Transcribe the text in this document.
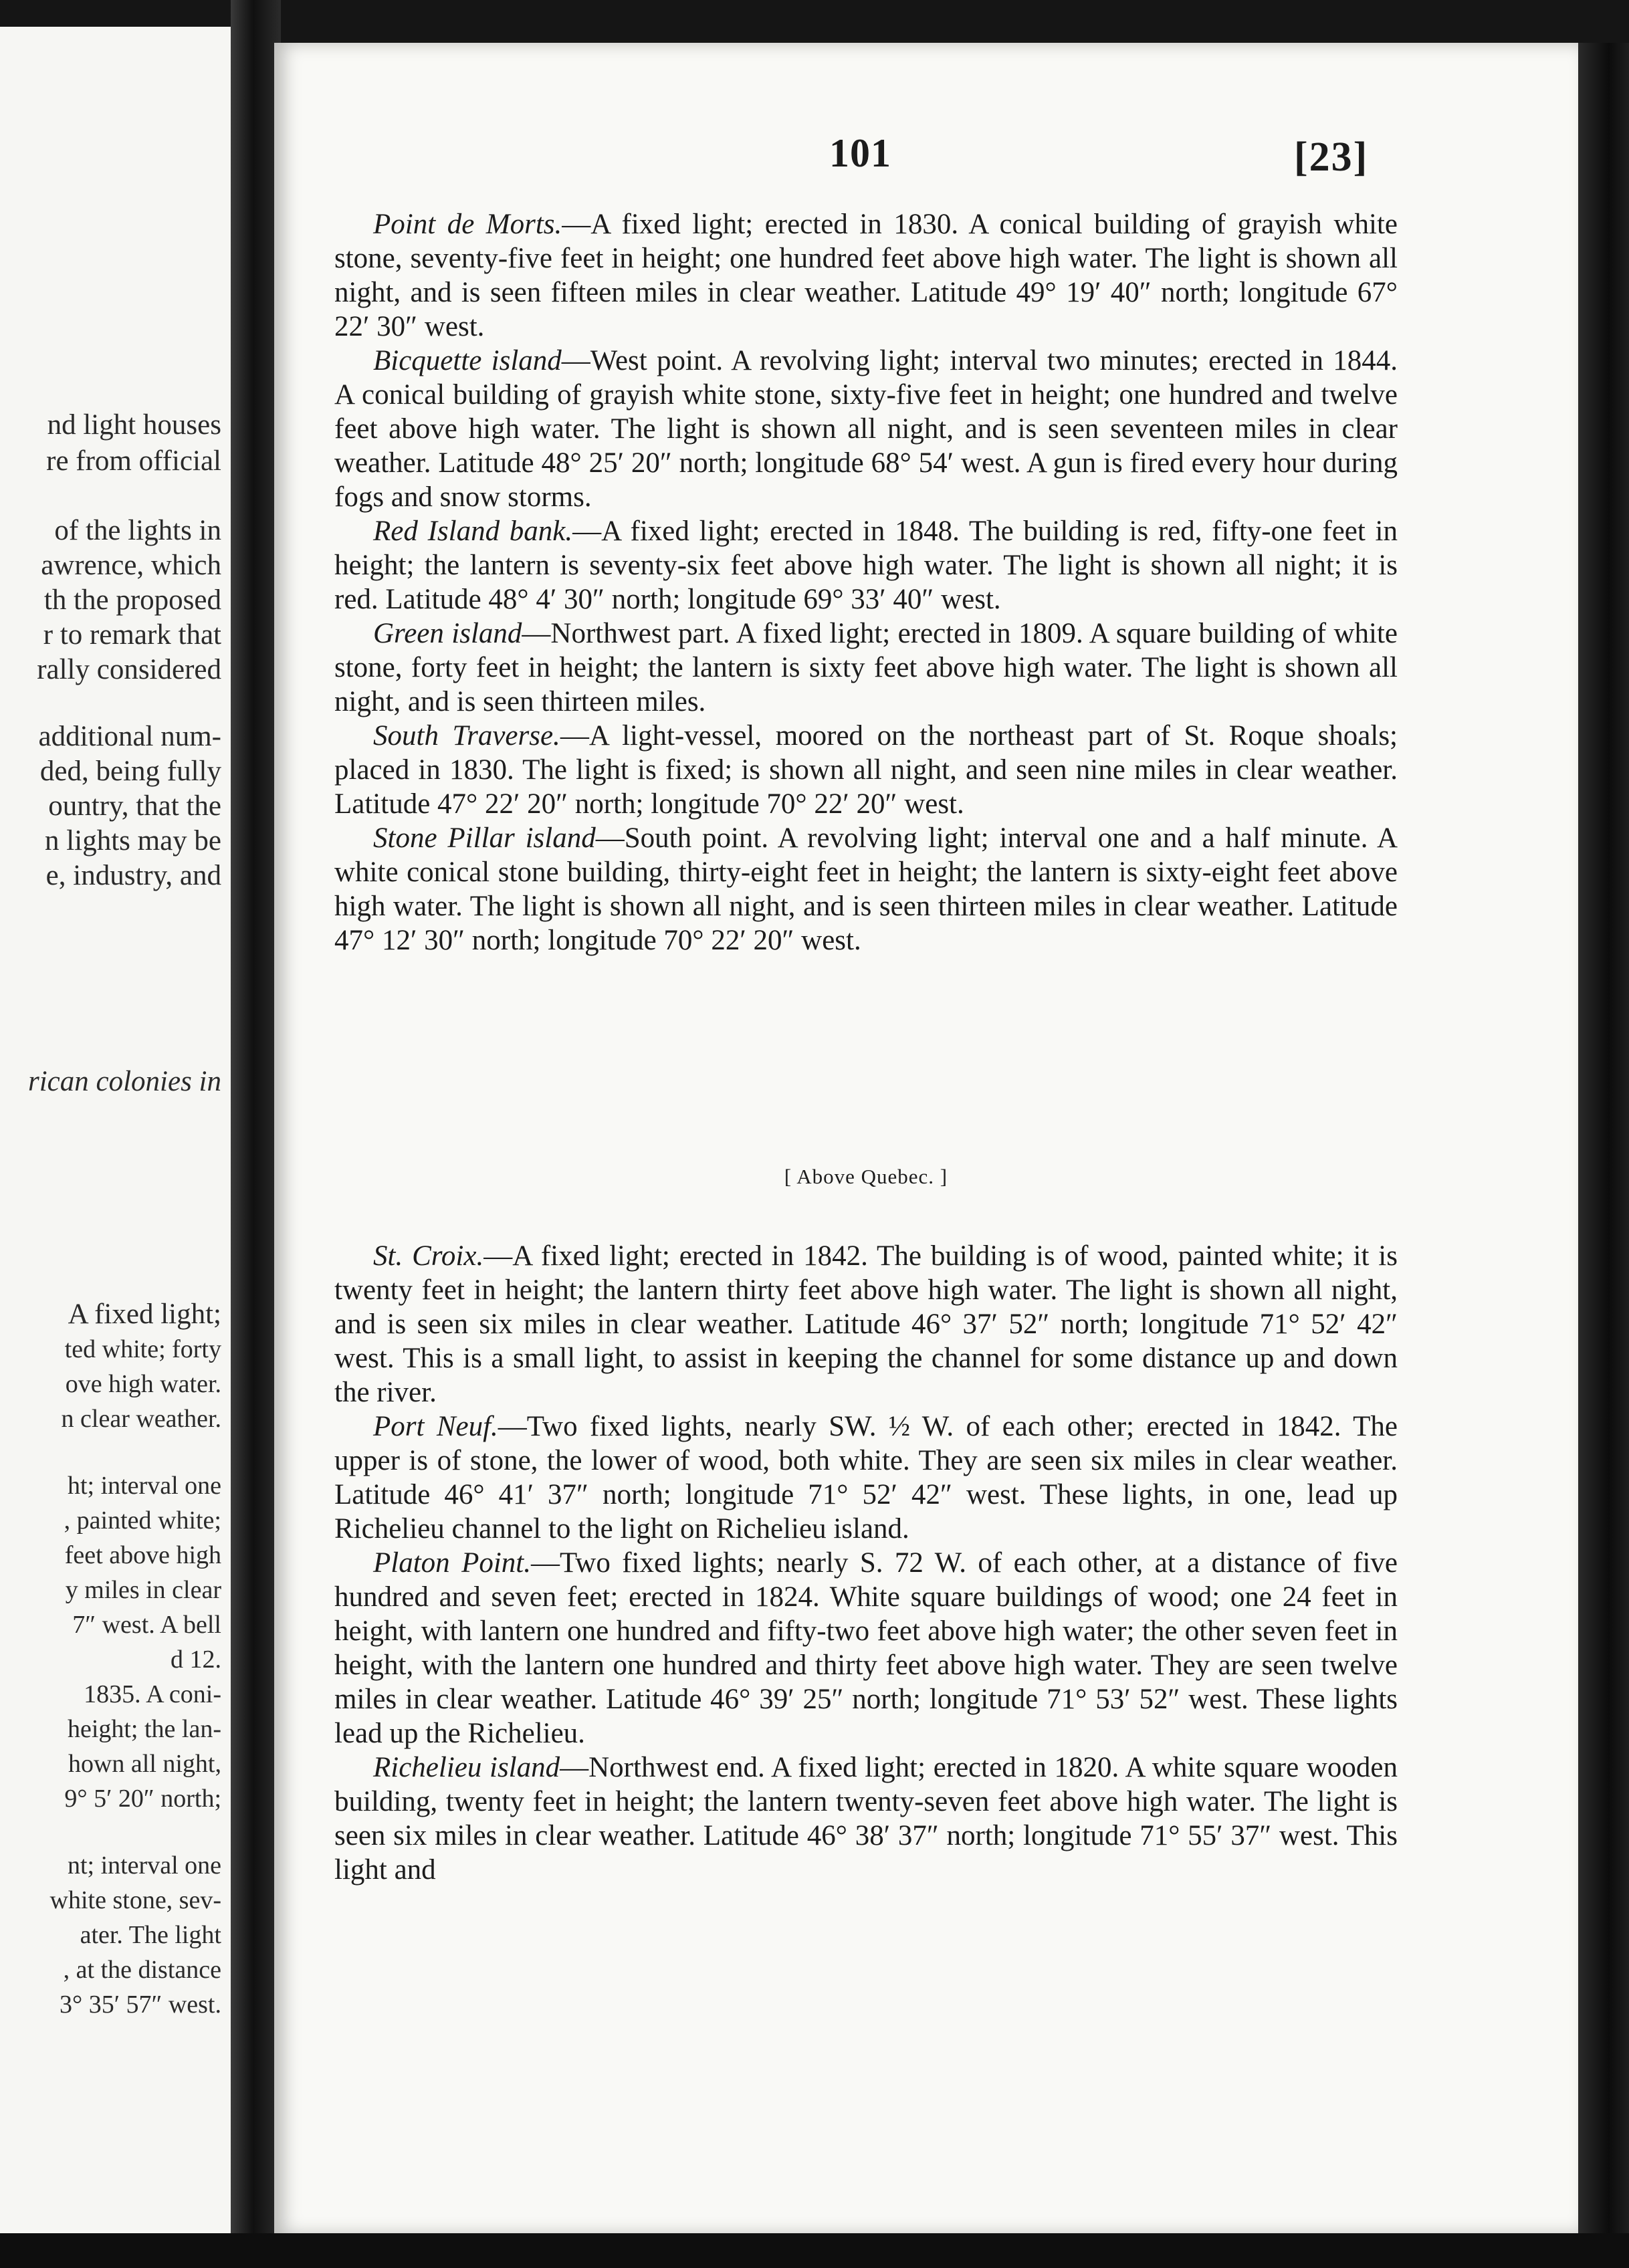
nd light houses
re from official
of the lights in
awrence, which
th the proposed
r to remark that
rally considered
additional num-
ded, being fully
ountry, that the
n lights may be
e, industry, and
rican colonies in
A fixed light;
ted white; forty
ove high water.
n clear weather.
ht; interval one
, painted white;
feet above high
y miles in clear
7″ west. A bell
d 12.
1835. A coni-
height; the lan-
hown all night,
9° 5′ 20″ north;
nt; interval one
white stone, sev-
ater. The light
, at the distance
3° 35′ 57″ west.
101	[23]

Point de Morts.—A fixed light; erected in 1830. A conical building of grayish white stone, seventy-five feet in height; one hundred feet above high water. The light is shown all night, and is seen fifteen miles in clear weather. Latitude 49° 19′ 40″ north; longitude 67° 22′ 30″ west.

Bicquette island—West point. A revolving light; interval two minutes; erected in 1844. A conical building of grayish white stone, sixty-five feet in height; one hundred and twelve feet above high water. The light is shown all night, and is seen seventeen miles in clear weather. Latitude 48° 25′ 20″ north; longitude 68° 54′ west. A gun is fired every hour during fogs and snow storms.

Red Island bank.—A fixed light; erected in 1848. The building is red, fifty-one feet in height; the lantern is seventy-six feet above high water. The light is shown all night; it is red. Latitude 48° 4′ 30″ north; longitude 69° 33′ 40″ west.

Green island—Northwest part. A fixed light; erected in 1809. A square building of white stone, forty feet in height; the lantern is sixty feet above high water. The light is shown all night, and is seen thirteen miles.

South Traverse.—A light-vessel, moored on the northeast part of St. Roque shoals; placed in 1830. The light is fixed; is shown all night, and seen nine miles in clear weather. Latitude 47° 22′ 20″ north; longitude 70° 22′ 20″ west.

Stone Pillar island—South point. A revolving light; interval one and a half minute. A white conical stone building, thirty-eight feet in height; the lantern is sixty-eight feet above high water. The light is shown all night, and is seen thirteen miles in clear weather. Latitude 47° 12′ 30″ north; longitude 70° 22′ 20″ west.

[ Above Quebec. ]

St. Croix.—A fixed light; erected in 1842. The building is of wood, painted white; it is twenty feet in height; the lantern thirty feet above high water. The light is shown all night, and is seen six miles in clear weather. Latitude 46° 37′ 52″ north; longitude 71° 52′ 42″ west. This is a small light, to assist in keeping the channel for some distance up and down the river.

Port Neuf.—Two fixed lights, nearly SW. ½ W. of each other; erected in 1842. The upper is of stone, the lower of wood, both white. They are seen six miles in clear weather. Latitude 46° 41′ 37″ north; longitude 71° 52′ 42″ west. These lights, in one, lead up Richelieu channel to the light on Richelieu island.

Platon Point.—Two fixed lights; nearly S. 72 W. of each other, at a distance of five hundred and seven feet; erected in 1824. White square buildings of wood; one 24 feet in height, with lantern one hundred and fifty-two feet above high water; the other seven feet in height, with the lantern one hundred and thirty feet above high water. They are seen twelve miles in clear weather. Latitude 46° 39′ 25″ north; longitude 71° 53′ 52″ west. These lights lead up the Richelieu.

Richelieu island—Northwest end. A fixed light; erected in 1820. A white square wooden building, twenty feet in height; the lantern twenty-seven feet above high water. The light is seen six miles in clear weather. Latitude 46° 38′ 37″ north; longitude 71° 55′ 37″ west. This light and
